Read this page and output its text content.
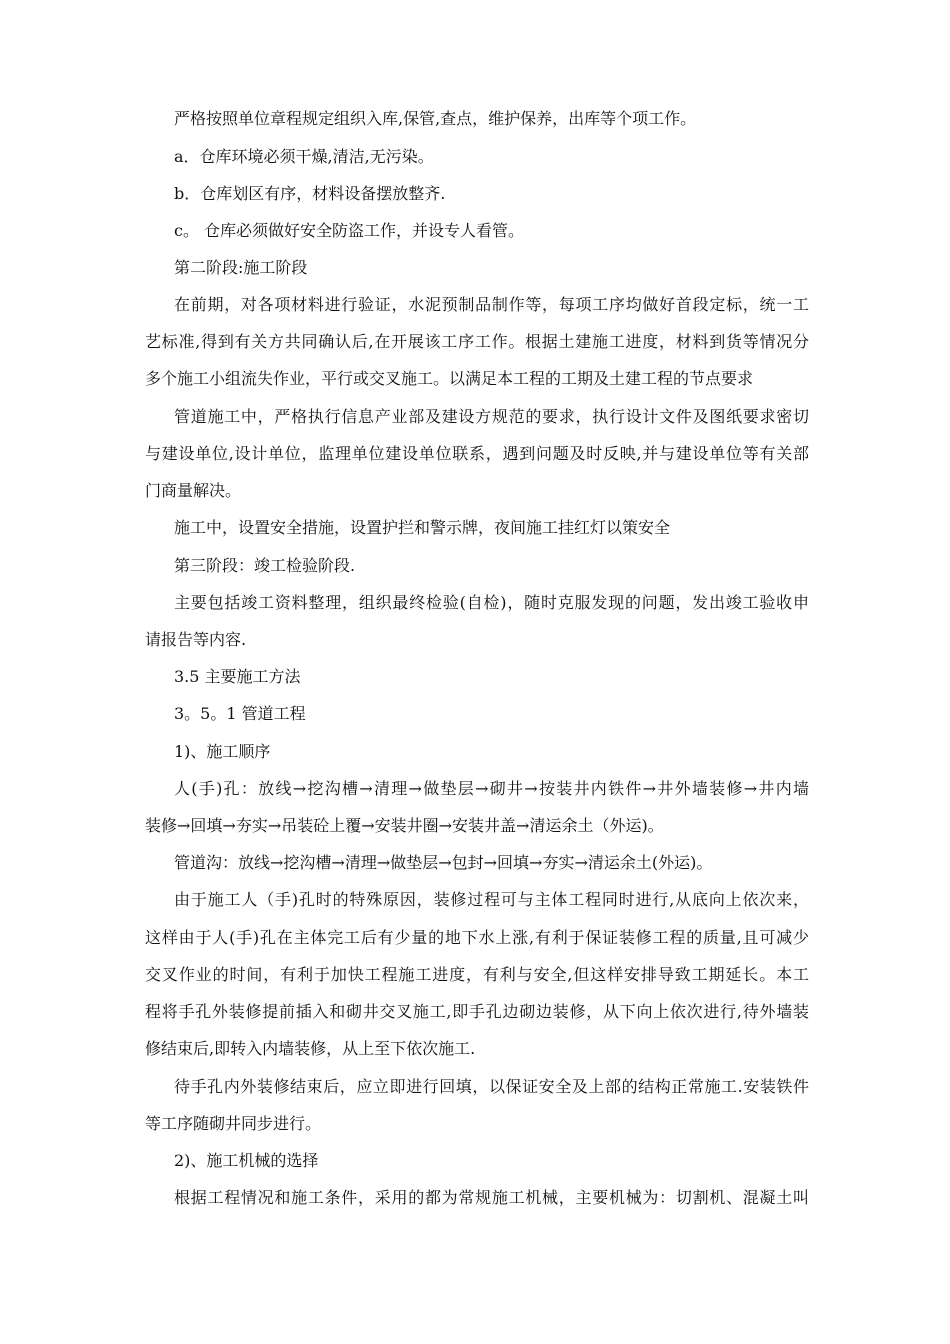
严格按照单位章程规定组织入库,保管,查点，维护保养，出库等个项工作。
a．仓库环境必须干燥,清洁,无污染。
b．仓库划区有序，材料设备摆放整齐.
c。 仓库必须做好安全防盗工作，并设专人看管。
第二阶段:施工阶段
在前期，对各项材料进行验证，水泥预制品制作等，每项工序均做好首段定标，统一工
艺标准,得到有关方共同确认后,在开展该工序工作。根据土建施工进度，材料到货等情况分
多个施工小组流失作业，平行或交叉施工。以满足本工程的工期及土建工程的节点要求
管道施工中，严格执行信息产业部及建设方规范的要求，执行设计文件及图纸要求密切
与建设单位,设计单位，监理单位建设单位联系，遇到问题及时反映,并与建设单位等有关部
门商量解决。
施工中，设置安全措施，设置护拦和警示牌，夜间施工挂红灯以策安全
第三阶段：竣工检验阶段.
主要包括竣工资料整理，组织最终检验(自检)，随时克服发现的问题，发出竣工验收申
请报告等内容.
3.5 主要施工方法
3。5。1 管道工程
1)、施工顺序
人(手)孔：放线→挖沟槽→清理→做垫层→砌井→按装井内铁件→井外墙装修→井内墙
装修→回填→夯实→吊装砼上覆→安装井圈→安装井盖→清运余土（外运)。
管道沟：放线→挖沟槽→清理→做垫层→包封→回填→夯实→清运余土(外运)。
由于施工人（手)孔时的特殊原因，装修过程可与主体工程同时进行,从底向上依次来，
这样由于人(手)孔在主体完工后有少量的地下水上涨,有利于保证装修工程的质量,且可减少
交叉作业的时间，有利于加快工程施工进度，有利与安全,但这样安排导致工期延长。本工
程将手孔外装修提前插入和砌井交叉施工,即手孔边砌边装修，从下向上依次进行,待外墙装
修结束后,即转入内墙装修，从上至下依次施工.
待手孔内外装修结束后，应立即进行回填，以保证安全及上部的结构正常施工.安装铁件
等工序随砌井同步进行。
2)、施工机械的选择
根据工程情况和施工条件，采用的都为常规施工机械，主要机械为：切割机、混凝土叫
